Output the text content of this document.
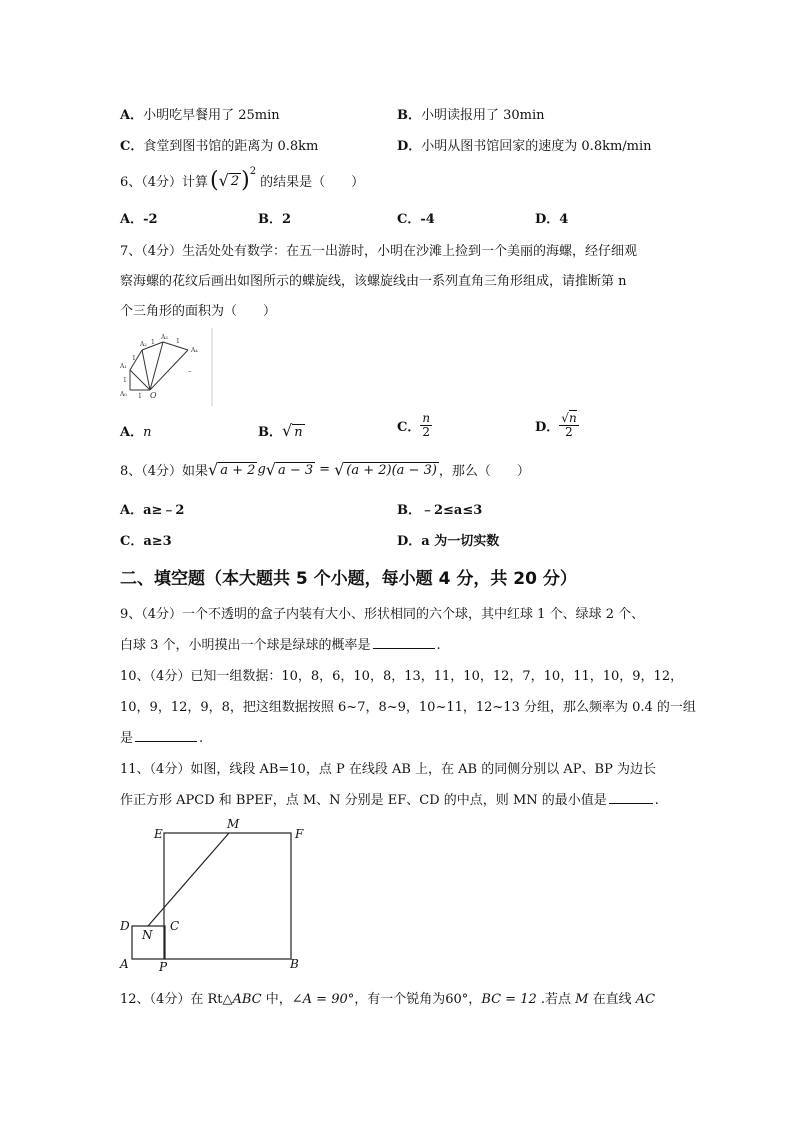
A．小明吃早餐用了 25min	B．小明读报用了 30min
C．食堂到图书馆的距离为 0.8km	D．小明从图书馆回家的速度为 0.8km/min
6、（4分）计算 ( √ 2 )$^2$
的结果是（　　）
A．-2	B．2	C．-4	D．4
7、（4分）生活处处有数学：在五一出游时，小明在沙滩上捡到一个美丽的海螺，经仔细观
察海螺的花纹后画出如图所示的蝶旋线，该螺旋线由一系列直角三角形组成，请推断第 n
个三角形的面积为（　　）
A₁
A₂
A₃
A₄
A₀	O
1
1
1
1	1
–
A．n	B．√ n	C． $\frac{n}{2}$	D． $\frac{√n}{2}$
8、（4分）如果 √ a + 2 g √ a − 3 = √ (a + 2)(a − 3) ，那么（　　）
A．a≥﹣2	B．﹣2≤a≤3
C．a≥3	D．a 为一切实数
二、填空题（本大题共 5 个小题，每小题 4 分，共 20 分）
9、（4分）一个不透明的盒子内装有大小、形状相同的六个球，其中红球 1 个、绿球 2 个、
白球 3 个，小明摸出一个球是绿球的概率是	.
10、（4分）已知一组数据：10，8，6，10，8，13，11，10，12，7，10，11，10，9，12，
10，9，12，9，8，把这组数据按照 6~7，8~9，10~11，12~13 分组，那么频率为 0.4 的一组
是	.
11、（4分）如图，线段 AB=10，点 P 在线段 AB 上，在 AB 的同侧分别以 AP、BP 为边长
作正方形 APCD 和 BPEF，点 M、N 分别是 EF、CD 的中点，则 MN 的最小值是	.
E
M
F
D
N
C
A	P	B
12、（4分）在 Rt△ABC 中，∠A = 90°，有一个锐角为60°，BC = 12 .若点 M 在直线 AC
